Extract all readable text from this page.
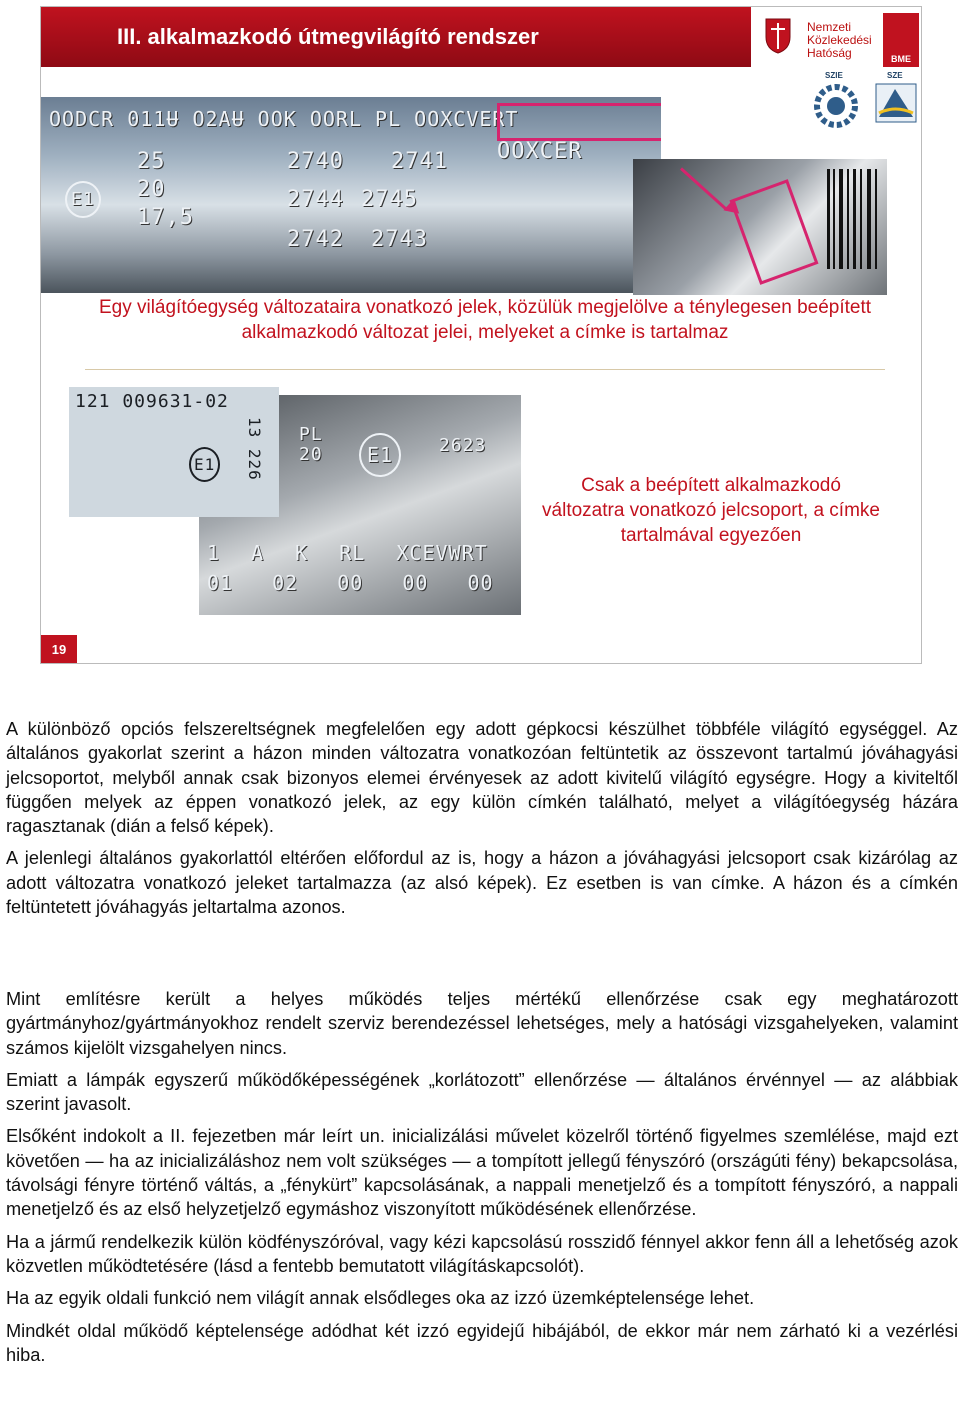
III. alkalmazkodó útmegvilágító rendszer	Nemzeti
Közlekedési
Hatóság	BME
SZIE	SZE
OODCR 011Ʉ O2AɄ OOK OORL PL OOXCVERT
OOXCER
25
20
17,5
E1
2740 2741
2744 2745
2742 2743
Egy világítóegység változataira vonatkozó jelek, közülük megjelölve a ténylegesen beépített alkalmazkodó változat jelei, melyeket a címke is tartalmaz
PL 20	E1	2623
1 A K RL XCEVWRT
01 02 00 00 00
121 009631-02
13 226
E1
Csak a beépített alkalmazkodó változatra vonatkozó jelcsoport, a címke tartalmával egyezően
19

A különböző opciós felszereltségnek megfelelően egy adott gépkocsi készülhet többféle világító egységgel. Az általános gyakorlat szerint a házon minden változatra vonatkozóan feltüntetik az összevont tartalmú jóváhagyási jelcsoportot, melyből annak csak bizonyos elemei érvényesek az adott kivitelű világító egységre. Hogy a kiviteltől függően melyek az éppen vonatkozó jelek, az egy külön címkén található, melyet a világítóegység házára ragasztanak (dián a felső képek).

A jelenlegi általános gyakorlattól eltérően előfordul az is, hogy a házon a jóváhagyási jelcsoport csak kizárólag az adott változatra vonatkozó jeleket tartalmazza (az alsó képek). Ez esetben is van címke. A házon és a címkén feltüntetett jóváhagyás jeltartalma azonos.

Mint említésre került a helyes működés teljes mértékű ellenőrzése csak egy meghatározott gyártmányhoz/gyártmányokhoz rendelt szerviz berendezéssel lehetséges, mely a hatósági vizsgahelyeken, valamint számos kijelölt vizsgahelyen nincs.

Emiatt a lámpák egyszerű működőképességének „korlátozott” ellenőrzése ― általános érvénnyel ― az alábbiak szerint javasolt.

Elsőként indokolt a II. fejezetben már leírt un. inicializálási művelet közelről történő figyelmes szemlélése, majd ezt követően ― ha az inicializáláshoz nem volt szükséges ― a tompított jellegű fényszóró (országúti fény) bekapcsolása, távolsági fényre történő váltás, a „fénykürt” kapcsolásának, a nappali menetjelző és a tompított fényszóró, a nappali menetjelző és az első helyzetjelző egymáshoz viszonyított működésének ellenőrzése.

Ha a jármű rendelkezik külön ködfényszóróval, vagy kézi kapcsolású rosszidő fénnyel akkor fenn áll a lehetőség azok közvetlen működtetésére (lásd a fentebb bemutatott világításkapcsolót).

Ha az egyik oldali funkció nem világít annak elsődleges oka az izzó üzemképtelensége lehet.

Mindkét oldal működő képtelensége adódhat két izzó egyidejű hibájából, de ekkor már nem zárható ki a vezérlési hiba.
